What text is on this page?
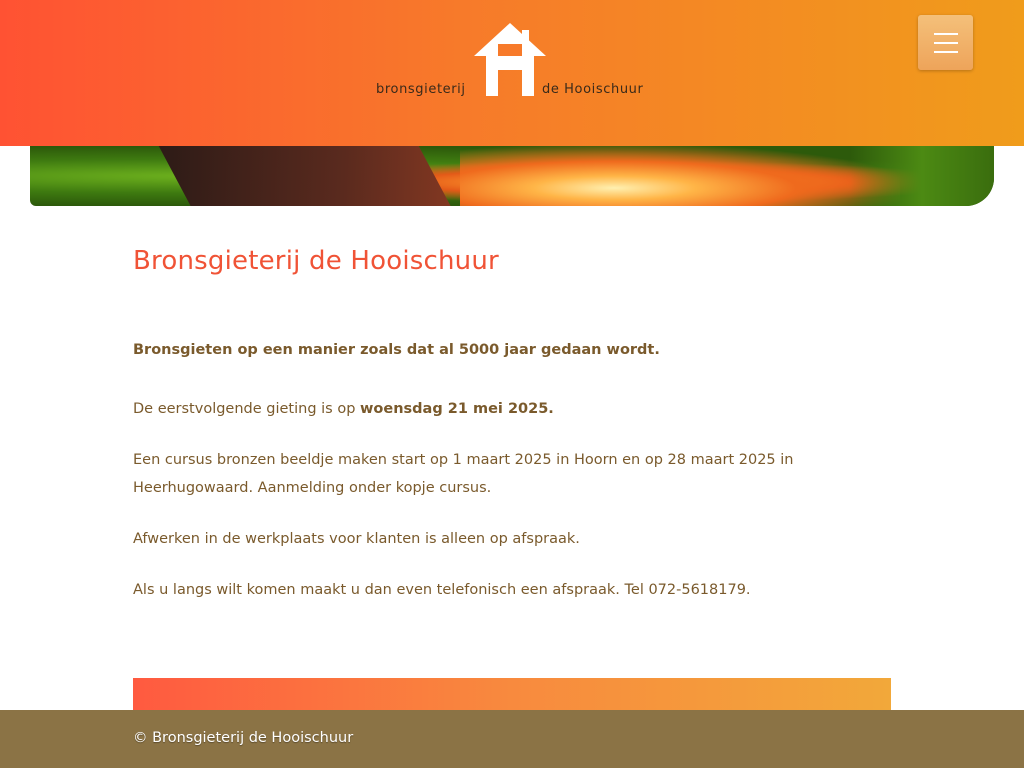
bronsgieterij	de Hooischuur
Bronsgieterij de Hooischuur

Bronsgieten op een manier zoals dat al 5000 jaar gedaan wordt.

De eerstvolgende gieting is op woensdag 21 mei 2025.

Een cursus bronzen beeldje maken start op 1 maart 2025 in Hoorn en op 28 maart 2025 in Heerhugowaard. Aanmelding onder kopje cursus.

Afwerken in de werkplaats voor klanten is alleen op afspraak.

Als u langs wilt komen maakt u dan even telefonisch een afspraak. Tel 072-5618179.

© Bronsgieterij de Hooischuur
